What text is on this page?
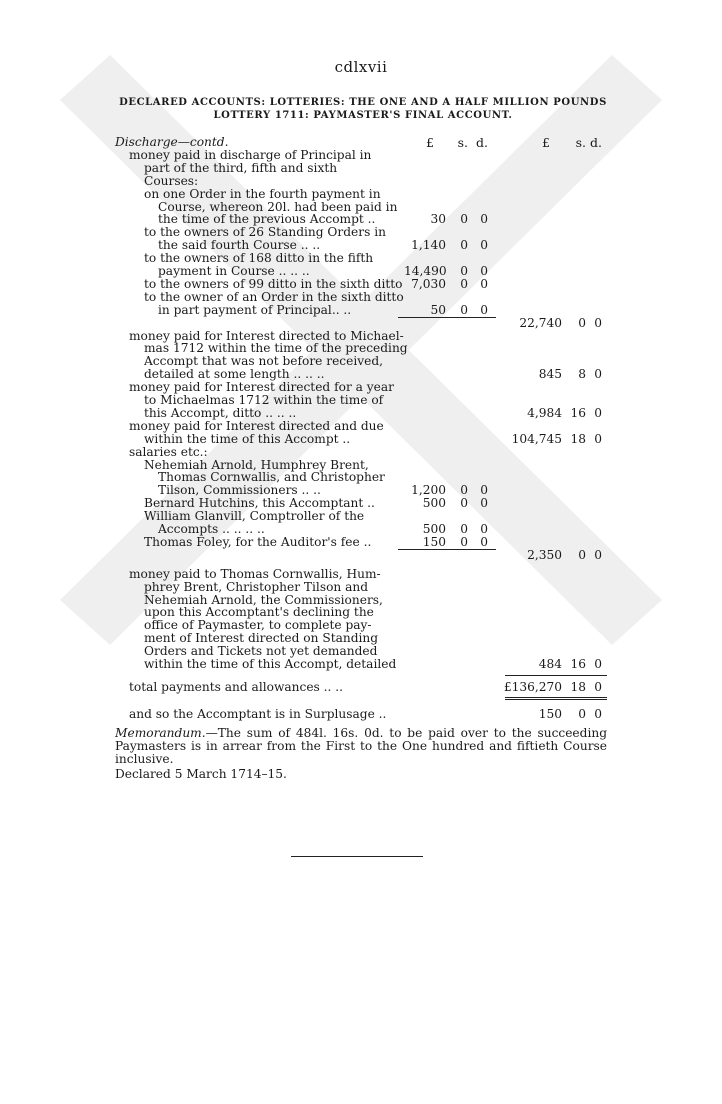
cdlxvii
DECLARED ACCOUNTS: LOTTERIES: THE ONE AND A HALF MILLION POUNDS
LOTTERY 1711: PAYMASTER'S FINAL ACCOUNT.
Discharge—contd.	£ s. d.	£	s. d.
money paid in discharge of Principal in
part of the third, fifth and sixth
Courses:
on one Order in the fourth payment in
Course, whereon 20l. had been paid in
the time of the previous Accompt ..	30	0	0
to the owners of 26 Standing Orders in
the said fourth Course .. ..	1,140	0	0
to the owners of 168 ditto in the fifth
payment in Course .. .. ..	14,490	0	0
to the owners of 99 ditto in the sixth ditto 7,030	0	0
to the owner of an Order in the sixth ditto
in part payment of Principal.. ..	50	0	0
22,740	0 0
money paid for Interest directed to Michael-
mas 1712 within the time of the preceding
Accompt that was not before received,
detailed at some length .. .. ..	845	8 0
money paid for Interest directed for a year
to Michaelmas 1712 within the time of
this Accompt, ditto .. .. ..	4,984 16 0
money paid for Interest directed and due
within the time of this Accompt ..	104,745 18 0
salaries etc.:
Nehemiah Arnold, Humphrey Brent,
Thomas Cornwallis, and Christopher
Tilson, Commissioners .. ..	1,200	0	0
Bernard Hutchins, this Accomptant ..	500	0	0
William Glanvill, Comptroller of the
Accompts .. .. .. ..	500	0	0
Thomas Foley, for the Auditor's fee ..	150	0	0
2,350	0 0
money paid to Thomas Cornwallis, Hum-
phrey Brent, Christopher Tilson and
Nehemiah Arnold, the Commissioners,
upon this Accomptant's declining the
office of Paymaster, to complete pay-
ment of Interest directed on Standing
Orders and Tickets not yet demanded
within the time of this Accompt, detailed	484 16 0
total payments and allowances .. ..	£136,270 18 0
and so the Accomptant is in Surplusage ..	150	0 0
Memorandum.—The sum of 484l. 16s. 0d. to be paid over to the succeeding Paymasters is in arrear from the First to the One hundred and fiftieth Course inclusive.
Declared 5 March 1714–15.
